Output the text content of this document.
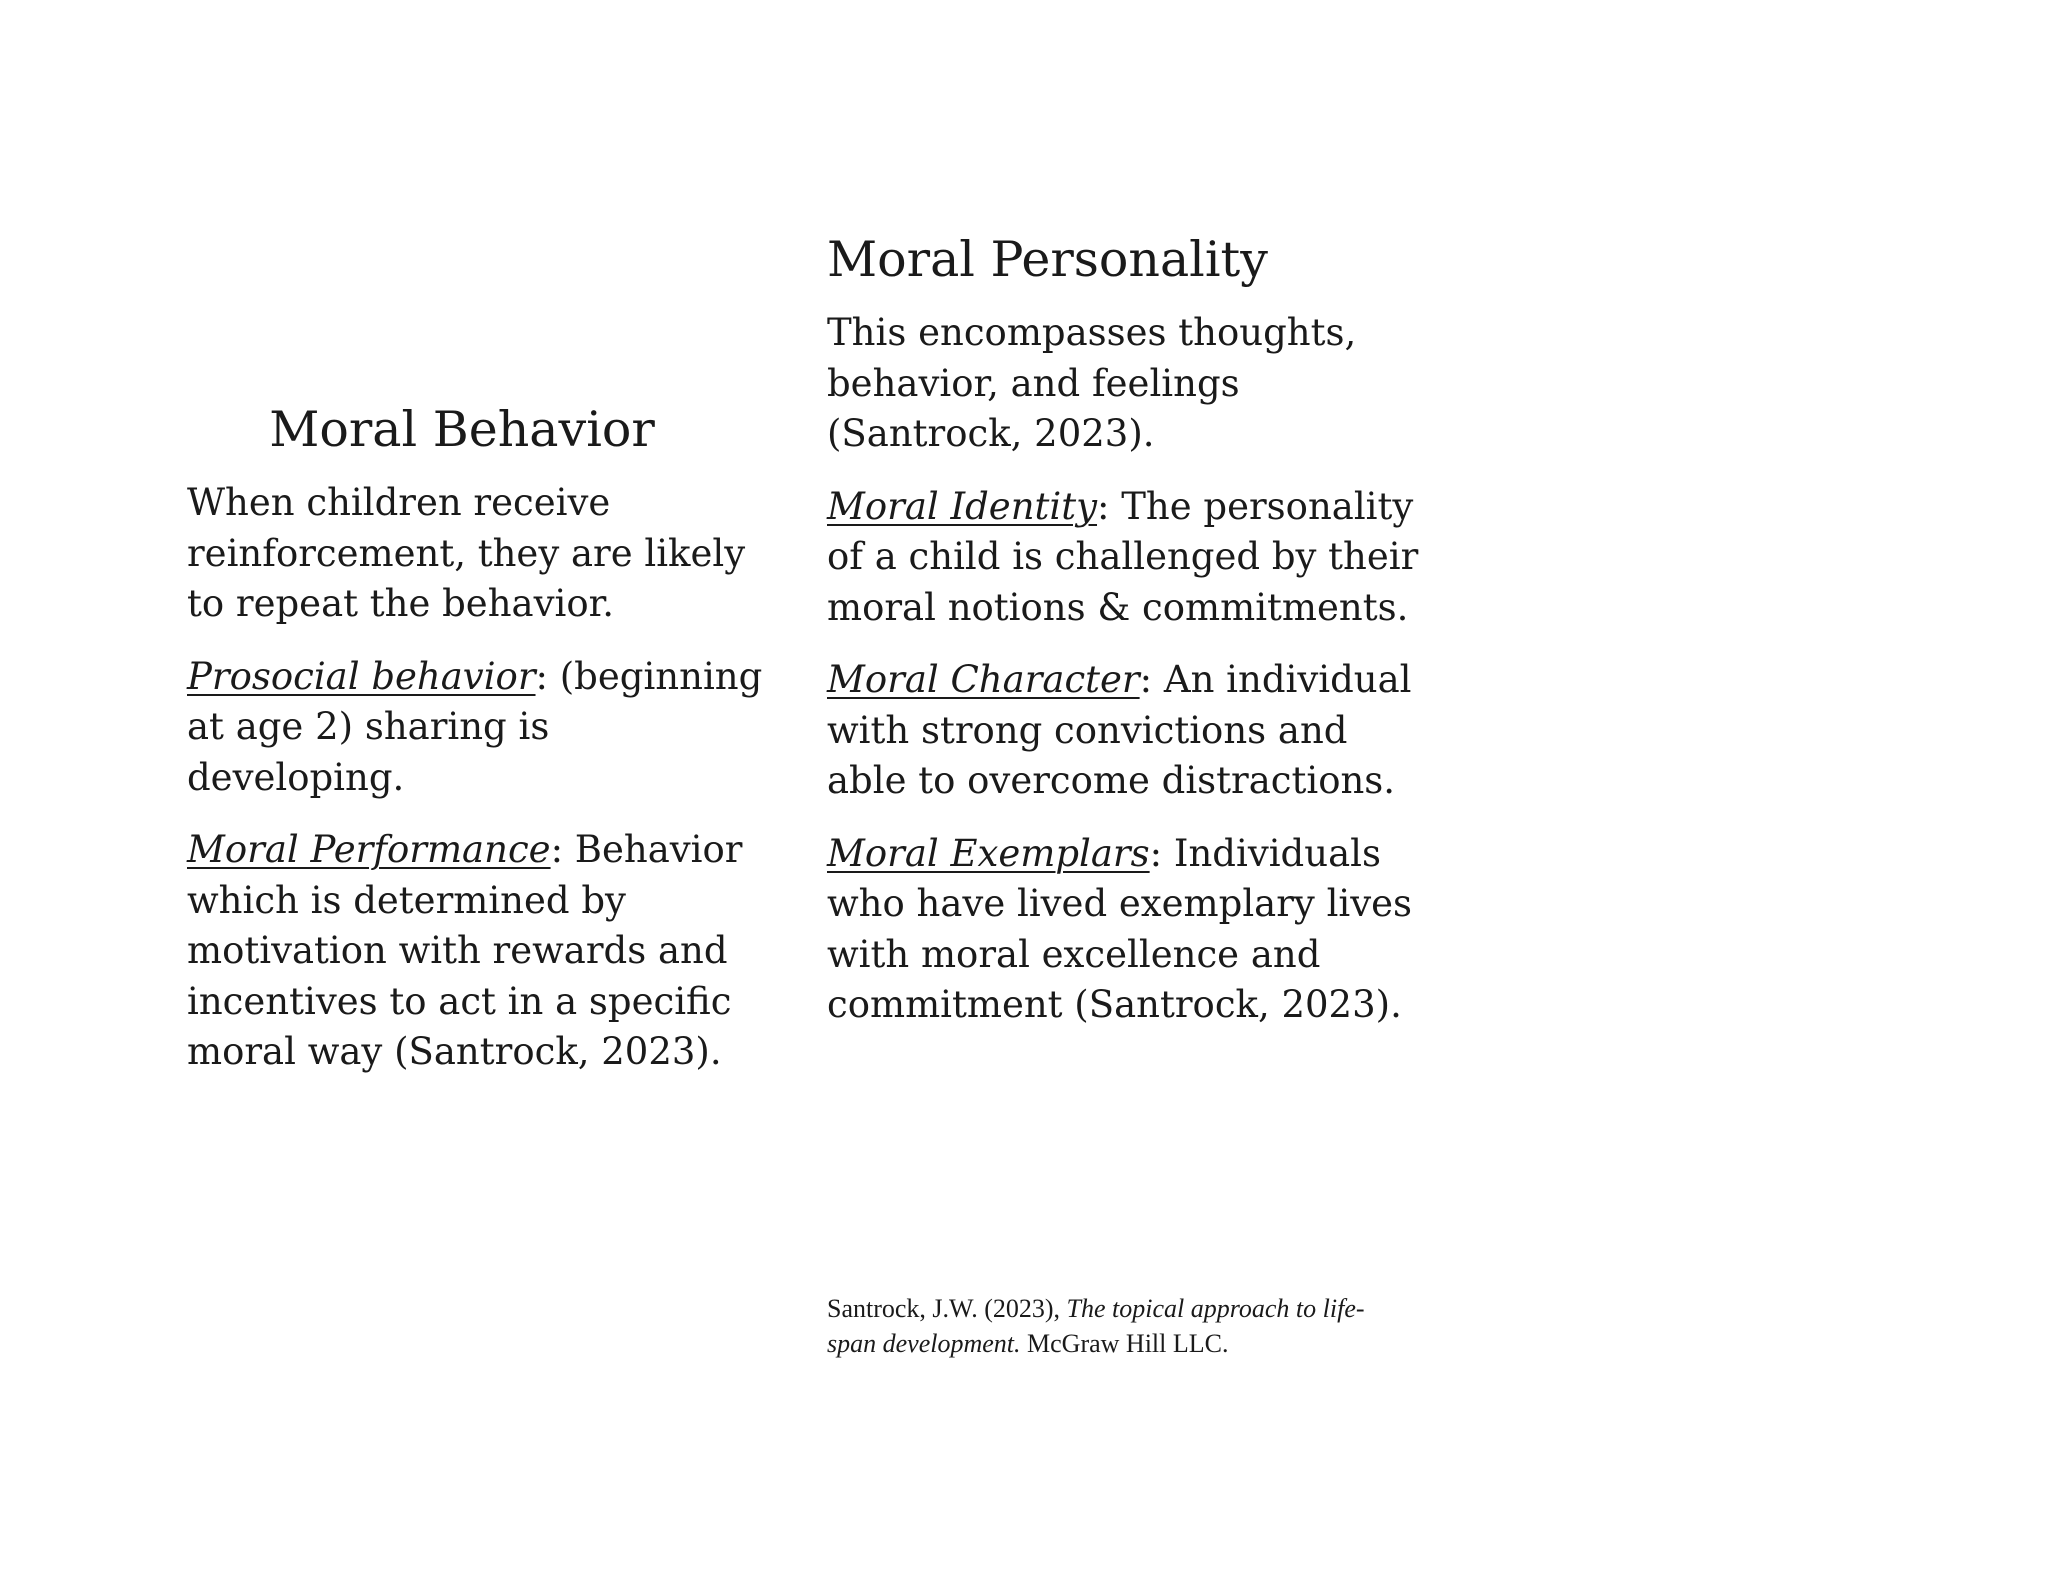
Moral Behavior

When children receive reinforcement, they are likely to repeat the behavior.

Prosocial behavior: (beginning at age 2) sharing is developing.

Moral Performance: Behavior which is determined by motivation with rewards and incentives to act in a specific moral way (Santrock, 2023).

Moral Personality

This encompasses thoughts, behavior, and feelings (Santrock, 2023).

Moral Identity: The personality of a child is challenged by their moral notions & commitments.

Moral Character: An individual with strong convictions and able to overcome distractions.

Moral Exemplars: Individuals who have lived exemplary lives with moral excellence and commitment (Santrock, 2023).

Santrock, J.W. (2023), The topical approach to life-span development. McGraw Hill LLC.
